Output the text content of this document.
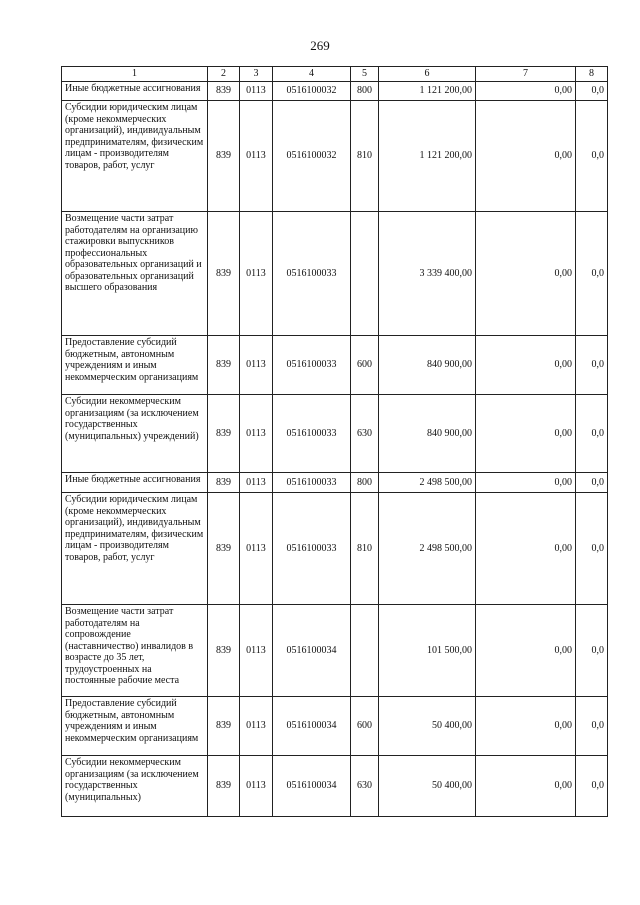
269
1	2	3	4	5	6	7	8
Иные бюджетные ассигнования	839	0113	0516100032	800	1 121 200,00	0,00	0,0
Субсидии юридическим лицам (кроме некоммерческих организаций), индивидуальным предпринимателям, физическим лицам - производителям товаров, работ, услуг	839	0113	0516100032	810	1 121 200,00	0,00	0,0
Возмещение части затрат работодателям на организацию стажировки выпускников профессиональных образовательных организаций и образовательных организаций высшего образования	839	0113	0516100033		3 339 400,00	0,00	0,0
Предоставление субсидий бюджетным, автономным учреждениям и иным некоммерческим организациям	839	0113	0516100033	600	840 900,00	0,00	0,0
Субсидии некоммерческим организациям (за исключением государственных (муниципальных) учреждений)	839	0113	0516100033	630	840 900,00	0,00	0,0
Иные бюджетные ассигнования	839	0113	0516100033	800	2 498 500,00	0,00	0,0
Субсидии юридическим лицам (кроме некоммерческих организаций), индивидуальным предпринимателям, физическим лицам - производителям товаров, работ, услуг	839	0113	0516100033	810	2 498 500,00	0,00	0,0
Возмещение части затрат работодателям на сопровождение (наставничество) инвалидов в возрасте до 35 лет, трудоустроенных на постоянные рабочие места	839	0113	0516100034		101 500,00	0,00	0,0
Предоставление субсидий бюджетным, автономным учреждениям и иным некоммерческим организациям	839	0113	0516100034	600	50 400,00	0,00	0,0
Субсидии некоммерческим организациям (за исключением государственных (муниципальных)	839	0113	0516100034	630	50 400,00	0,00	0,0
